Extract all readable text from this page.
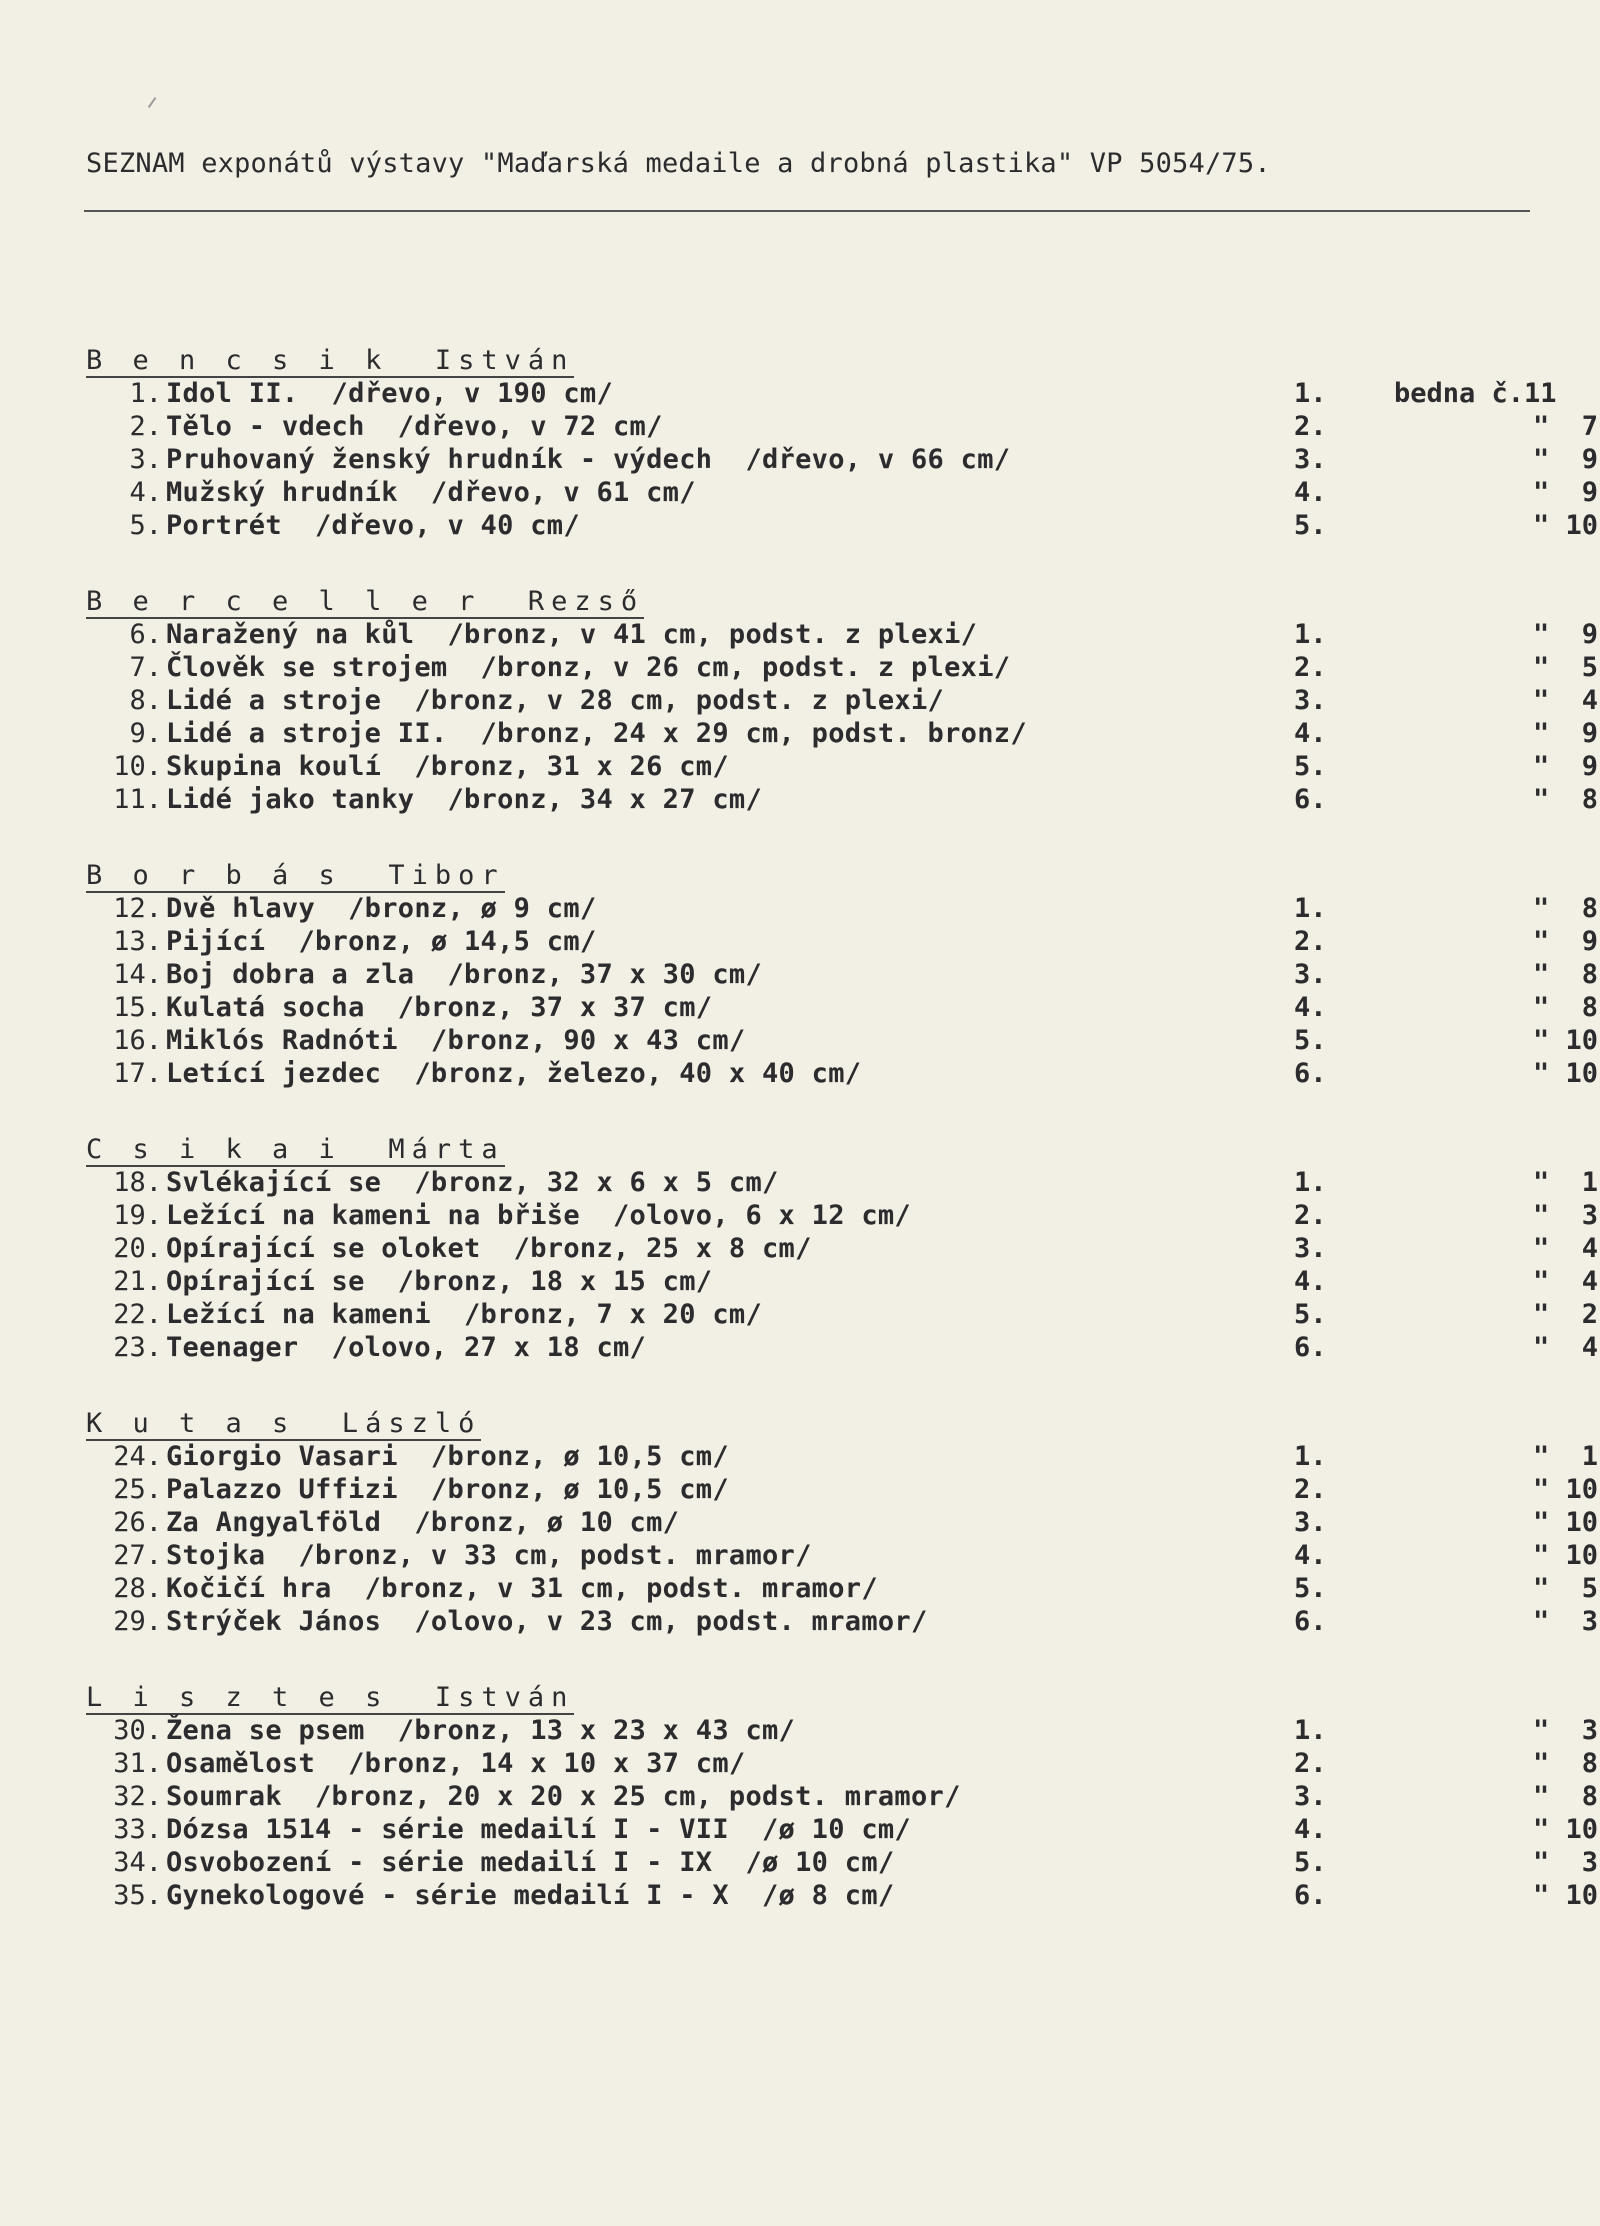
SEZNAM exponátů výstavy "Maďarská medaile a drobná plastika" VP 5054/75.
B e n c s i k  István
1. Idol II.  /dřevo, v 190 cm/	1. bedna č.11
2. Tělo - vdech  /dřevo, v 72 cm/	2.	"  7
3. Pruhovaný ženský hrudník - výdech  /dřevo, v 66 cm/	3.	"  9
4. Mužský hrudník  /dřevo, v 61 cm/	4.	"  9
5. Portrét  /dřevo, v 40 cm/	5.	" 10
B e r c e l l e r  Rezső
6. Naražený na kůl  /bronz, v 41 cm, podst. z plexi/	1.	"  9
7. Člověk se strojem  /bronz, v 26 cm, podst. z plexi/	2.	"  5
8. Lidé a stroje  /bronz, v 28 cm, podst. z plexi/	3.	"  4
9. Lidé a stroje II.  /bronz, 24 x 29 cm, podst. bronz/	4.	"  9
10. Skupina koulí  /bronz, 31 x 26 cm/	5.	"  9
11. Lidé jako tanky  /bronz, 34 x 27 cm/	6.	"  8
B o r b á s  Tibor
12. Dvě hlavy  /bronz, ø 9 cm/	1.	"  8
13. Pijící  /bronz, ø 14,5 cm/	2.	"  9
14. Boj dobra a zla  /bronz, 37 x 30 cm/	3.	"  8
15. Kulatá socha  /bronz, 37 x 37 cm/	4.	"  8
16. Miklós Radnóti  /bronz, 90 x 43 cm/	5.	" 10
17. Letící jezdec  /bronz, železo, 40 x 40 cm/	6.	" 10
C s i k a i  Márta
18. Svlékající se  /bronz, 32 x 6 x 5 cm/	1.	"  1
19. Ležící na kameni na břiše  /olovo, 6 x 12 cm/	2.	"  3
20. Opírající se oloket  /bronz, 25 x 8 cm/	3.	"  4
21. Opírající se  /bronz, 18 x 15 cm/	4.	"  4
22. Ležící na kameni  /bronz, 7 x 20 cm/	5.	"  2
23. Teenager  /olovo, 27 x 18 cm/	6.	"  4
K u t a s  László
24. Giorgio Vasari  /bronz, ø 10,5 cm/	1.	"  1
25. Palazzo Uffizi  /bronz, ø 10,5 cm/	2.	" 10
26. Za Angyalföld  /bronz, ø 10 cm/	3.	" 10
27. Stojka  /bronz, v 33 cm, podst. mramor/	4.	" 10
28. Kočičí hra  /bronz, v 31 cm, podst. mramor/	5.	"  5
29. Strýček János  /olovo, v 23 cm, podst. mramor/	6.	"  3
L i s z t e s  István
30. Žena se psem  /bronz, 13 x 23 x 43 cm/	1.	"  3
31. Osamělost  /bronz, 14 x 10 x 37 cm/	2.	"  8
32. Soumrak  /bronz, 20 x 20 x 25 cm, podst. mramor/	3.	"  8
33. Dózsa 1514 - série medailí I - VII  /ø 10 cm/	4.	" 10
34. Osvobození - série medailí I - IX  /ø 10 cm/	5.	"  3
35. Gynekologové - série medailí I - X  /ø 8 cm/	6.	" 10
